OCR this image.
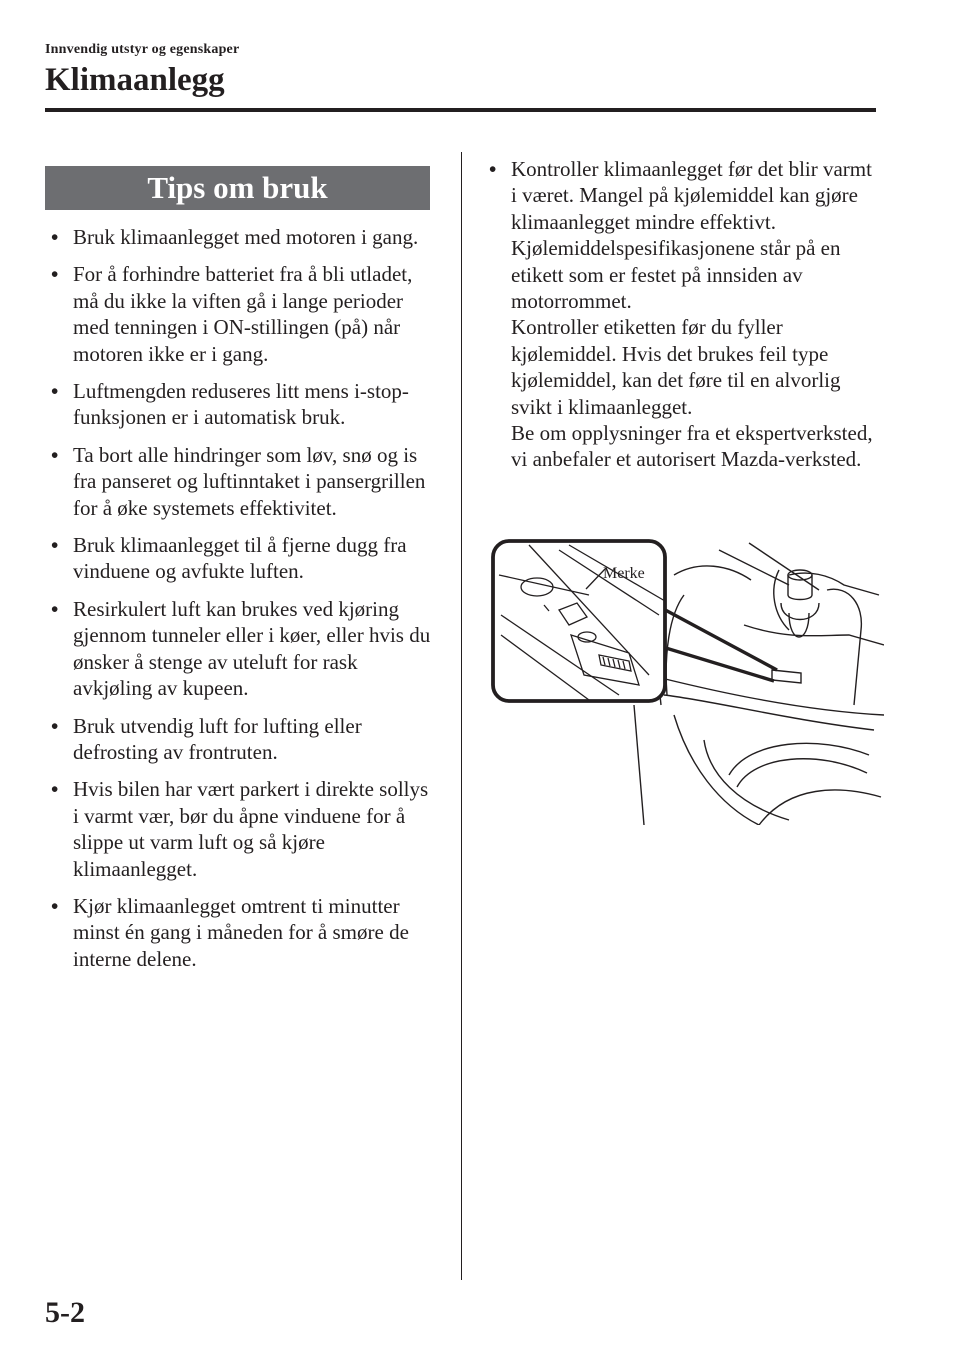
Innvendig utstyr og egenskaper
Klimaanlegg
Tips om bruk
• Bruk klimaanlegget med motoren i gang.
• For å forhindre batteriet fra å bli utladet, må du ikke la viften gå i lange perioder med tenningen i ON-stillingen (på) når motoren ikke er i gang.
• Luftmengden reduseres litt mens i-stop-funksjonen er i automatisk bruk.
• Ta bort alle hindringer som løv, snø og is fra panseret og luftinntaket i pansergrillen for å øke systemets effektivitet.
• Bruk klimaanlegget til å fjerne dugg fra vinduene og avfukte luften.
• Resirkulert luft kan brukes ved kjøring gjennom tunneler eller i køer, eller hvis du ønsker å stenge av uteluft for rask avkjøling av kupeen.
• Bruk utvendig luft for lufting eller defrosting av frontruten.
• Hvis bilen har vært parkert i direkte sollys i varmt vær, bør du åpne vinduene for å slippe ut varm luft og så kjøre klimaanlegget.
• Kjør klimaanlegget omtrent ti minutter minst én gang i måneden for å smøre de interne delene.
• Kontroller klimaanlegget før det blir varmt i været. Mangel på kjølemiddel kan gjøre klimaanlegget mindre effektivt.
Kjølemiddelspesifikasjonene står på en etikett som er festet på innsiden av motorrommet.
Kontroller etiketten før du fyller kjølemiddel. Hvis det brukes feil type kjølemiddel, kan det føre til en alvorlig svikt i klimaanlegget.
Be om opplysninger fra et ekspertverksted, vi anbefaler et autorisert Mazda-verksted.
Merke
5-2
